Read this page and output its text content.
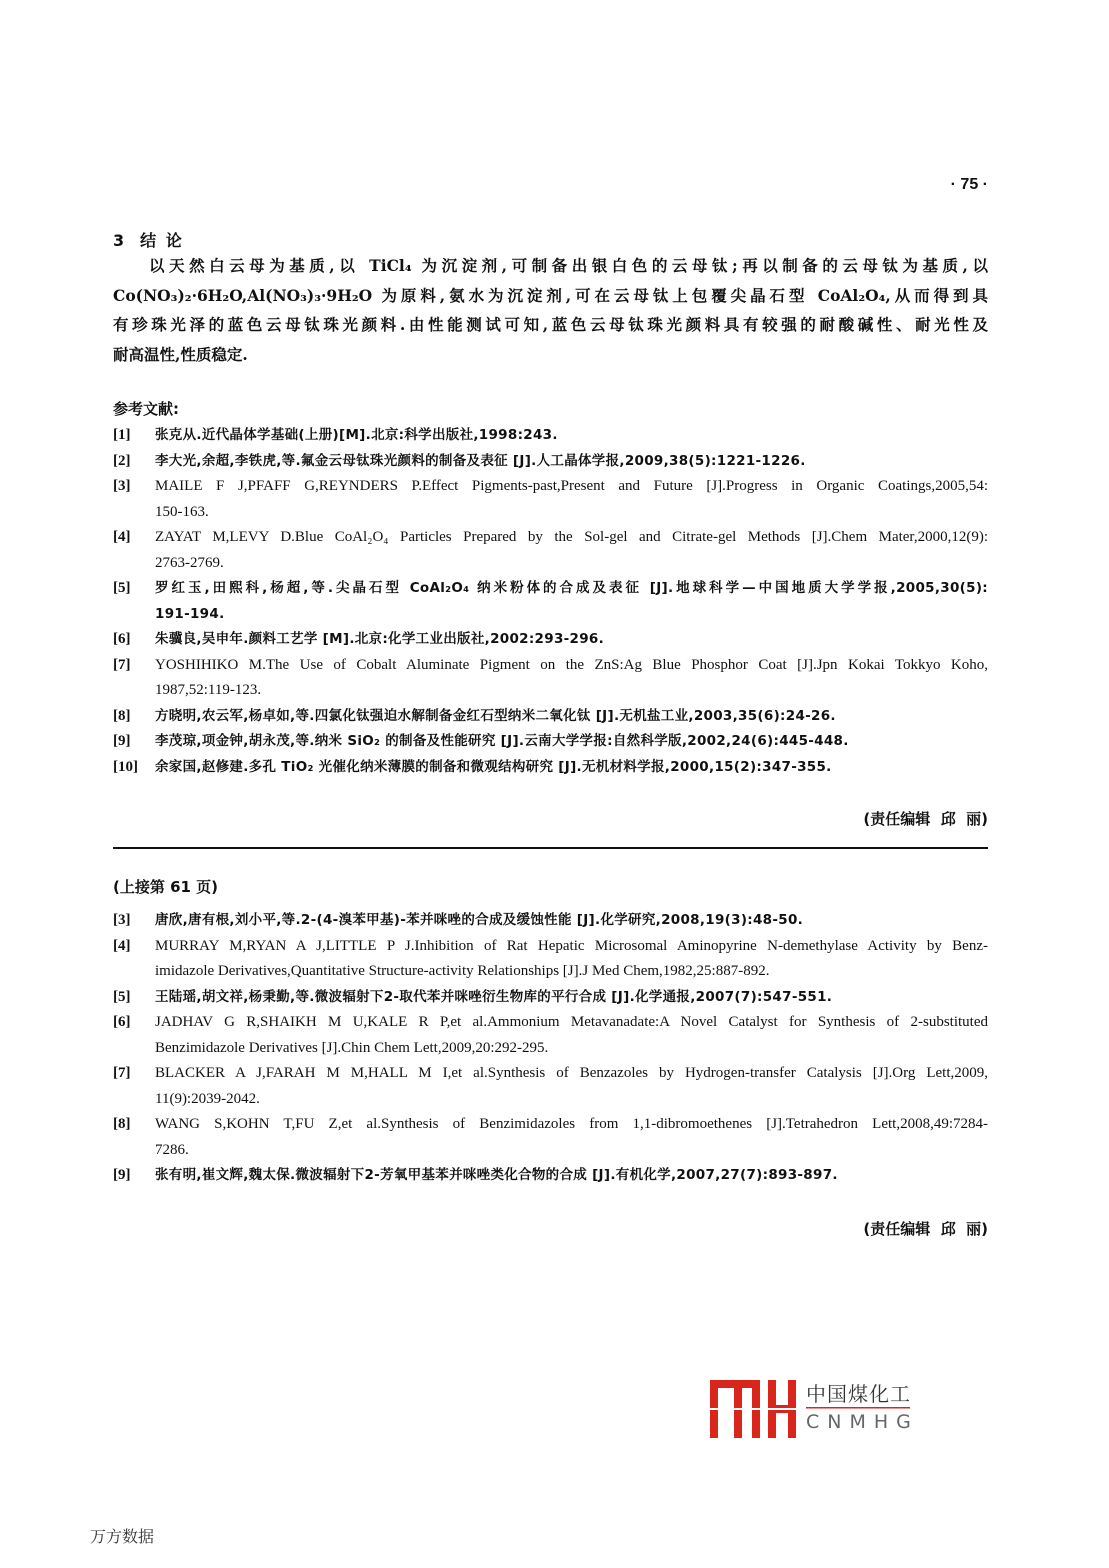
· 75 ·
3 结 论
以天然白云母为基质,以 TiCl₄ 为沉淀剂,可制备出银白色的云母钛;再以制备的云母钛为基质,以
Co(NO₃)₂·6H₂O,Al(NO₃)₃·9H₂O 为原料,氨水为沉淀剂,可在云母钛上包覆尖晶石型 CoAl₂O₄,从而得到具
有珍珠光泽的蓝色云母钛珠光颜料.由性能测试可知,蓝色云母钛珠光颜料具有较强的耐酸碱性、耐光性及
耐高温性,性质稳定.
参考文献:
[1]	张克从.近代晶体学基础(上册)[M].北京:科学出版社,1998:243.
[2]	李大光,余超,李铁虎,等.氟金云母钛珠光颜料的制备及表征 [J].人工晶体学报,2009,38(5):1221-1226.
[3]	MAILE F J,PFAFF G,REYNDERS P.Effect Pigments-past,Present and Future [J].Progress in Organic Coatings,2005,54:
150-163.
[4]	ZAYAT M,LEVY D.Blue CoAl₂O₄ Particles Prepared by the Sol-gel and Citrate-gel Methods [J].Chem Mater,2000,12(9):
2763-2769.
[5]	罗红玉,田熙科,杨超,等.尖晶石型 CoAl₂O₄ 纳米粉体的合成及表征 [J].地球科学—中国地质大学学报,2005,30(5):
191-194.
[6]	朱骥良,吴申年.颜料工艺学 [M].北京:化学工业出版社,2002:293-296.
[7]	YOSHIHIKO M.The Use of Cobalt Aluminate Pigment on the ZnS:Ag Blue Phosphor Coat [J].Jpn Kokai Tokkyo Koho,
1987,52:119-123.
[8]	方晓明,农云军,杨卓如,等.四氯化钛强迫水解制备金红石型纳米二氧化钛 [J].无机盐工业,2003,35(6):24-26.
[9]	李茂琼,项金钟,胡永茂,等.纳米 SiO₂ 的制备及性能研究 [J].云南大学学报:自然科学版,2002,24(6):445-448.
[10]	余家国,赵修建.多孔 TiO₂ 光催化纳米薄膜的制备和微观结构研究 [J].无机材料学报,2000,15(2):347-355.
(责任编辑  邱  丽)
(上接第 61 页)
[3]	唐欣,唐有根,刘小平,等.2-(4-溴苯甲基)-苯并咪唑的合成及缓蚀性能 [J].化学研究,2008,19(3):48-50.
[4]	MURRAY M,RYAN A J,LITTLE P J.Inhibition of Rat Hepatic Microsomal Aminopyrine N-demethylase Activity by Benz-
imidazole Derivatives,Quantitative Structure-activity Relationships [J].J Med Chem,1982,25:887-892.
[5]	王陆瑶,胡文祥,杨秉勤,等.微波辐射下2-取代苯并咪唑衍生物库的平行合成 [J].化学通报,2007(7):547-551.
[6]	JADHAV G R,SHAIKH M U,KALE R P,et al.Ammonium Metavanadate:A Novel Catalyst for Synthesis of 2-substituted
Benzimidazole Derivatives [J].Chin Chem Lett,2009,20:292-295.
[7]	BLACKER A J,FARAH M M,HALL M I,et al.Synthesis of Benzazoles by Hydrogen-transfer Catalysis [J].Org Lett,2009,
11(9):2039-2042.
[8]	WANG S,KOHN T,FU Z,et al.Synthesis of Benzimidazoles from 1,1-dibromoethenes [J].Tetrahedron Lett,2008,49:7284-
7286.
[9]	张有明,崔文辉,魏太保.微波辐射下2-芳氧甲基苯并咪唑类化合物的合成 [J].有机化学,2007,27(7):893-897.
(责任编辑  邱  丽)
中国煤化工
CNMHG
万方数据
